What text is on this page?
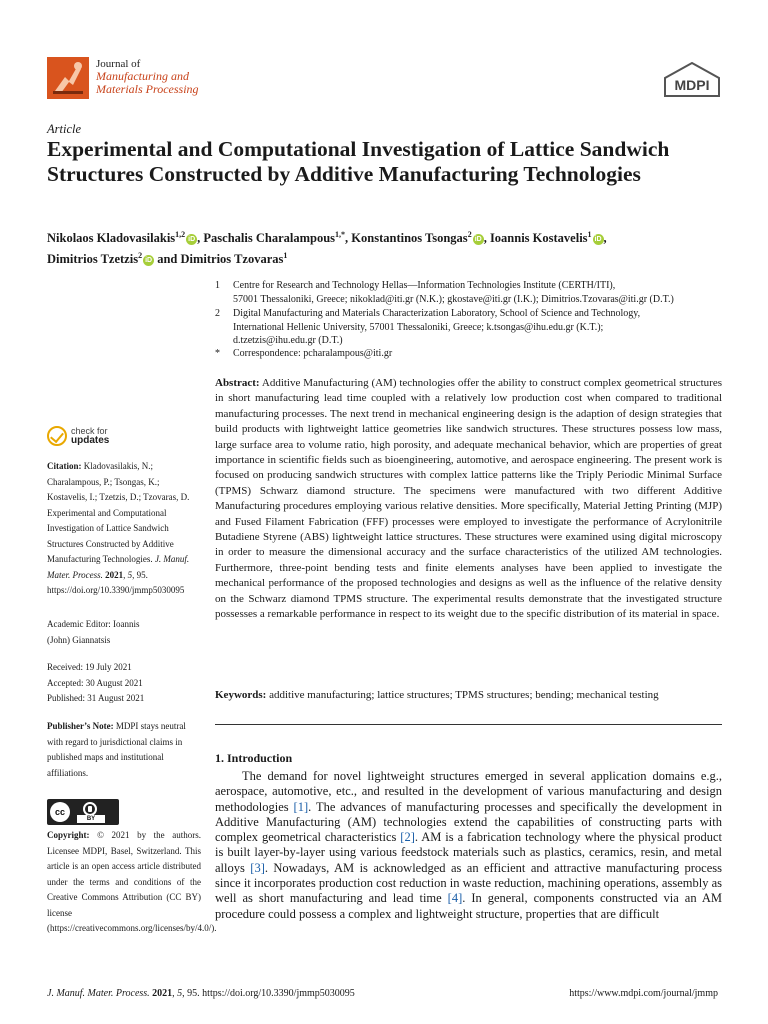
Journal of
Manufacturing and
Materials Processing	MDPI
Article
Experimental and Computational Investigation of Lattice Sandwich Structures Constructed by Additive Manufacturing Technologies
Nikolaos Kladovasilakis$^{1,2}$iD , Paschalis Charalampous$^{1,*}$, Konstantinos Tsongas$^2$iD , Ioannis Kostavelis$^1$iD ,
Dimitrios Tzetzis$^2$iD and Dimitrios Tzovaras$^1$
1 Centre for Research and Technology Hellas—Information Technologies Institute (CERTH/ITI),
57001 Thessaloniki, Greece; nikoklad@iti.gr (N.K.); gkostave@iti.gr (I.K.); Dimitrios.Tzovaras@iti.gr (D.T.)
2 Digital Manufacturing and Materials Characterization Laboratory, School of Science and Technology,
International Hellenic University, 57001 Thessaloniki, Greece; k.tsongas@ihu.edu.gr (K.T.);
d.tzetzis@ihu.edu.gr (D.T.)
* Correspondence: pcharalampous@iti.gr
Abstract: Additive Manufacturing (AM) technologies offer the ability to construct complex geometrical structures in short manufacturing lead time coupled with a relatively low production cost when compared to traditional manufacturing processes. The next trend in mechanical engineering design is the adaption of design strategies that build products with lightweight lattice geometries like sandwich structures. These structures possess low mass, large surface area to volume ratio, high porosity, and adequate mechanical behavior, which are properties of great importance in scientific fields such as bioengineering, automotive, and aerospace engineering. The present work is focused on producing sandwich structures with complex lattice patterns like the Triply Periodic Minimal Surface (TPMS) Schwarz diamond structure. The specimens were manufactured with two different Additive Manufacturing procedures employing various relative densities. More specifically, Material Jetting Printing (MJP) and Fused Filament Fabrication (FFF) processes were employed to investigate the performance of Acrylonitrile Butadiene Styrene (ABS) lightweight lattice structures. These structures were examined using digital microscopy in order to measure the dimensional accuracy and the surface characteristics of the utilized AM technologies. Furthermore, three-point bending tests and finite elements analyses have been applied to investigate the mechanical performance of the proposed technologies and designs as well as the influence of the relative density on the Schwarz diamond TPMS structure. The experimental results demonstrate that the investigated structure possesses a remarkable performance in respect to its weight due to the specific distribution of its material in space.
Keywords: additive manufacturing; lattice structures; TPMS structures; bending; mechanical testing
1. Introduction
The demand for novel lightweight structures emerged in several application domains e.g., aerospace, automotive, etc., and resulted in the development of various manufacturing and design methodologies [1]. The advances of manufacturing processes and specifically the development in Additive Manufacturing (AM) technologies extend the capabilities of constructing parts with complex geometrical characteristics [2]. AM is a fabrication technology where the physical product is built layer-by-layer using various feedstock materials such as plastics, ceramics, resin, and metal alloys [3]. Nowadays, AM is acknowledged as an efficient and attractive manufacturing process since it incorporates production cost reduction in waste reduction, machining operations, assembly as well as short manufacturing and lead time [4]. In general, components constructed via an AM procedure could possess a complex and lightweight structure, properties that are difficult
check for
updates
Citation: Kladovasilakis, N.; Charalampous, P.; Tsongas, K.; Kostavelis, I.; Tzetzis, D.; Tzovaras, D. Experimental and Computational Investigation of Lattice Sandwich Structures Constructed by Additive Manufacturing Technologies. J. Manuf. Mater. Process. 2021, 5, 95. https://doi.org/10.3390/jmmp5030095
Academic Editor: Ioannis (John) Giannatsis
Received: 19 July 2021
Accepted: 30 August 2021
Published: 31 August 2021
Publisher’s Note: MDPI stays neutral with regard to jurisdictional claims in published maps and institutional affiliations.
cc
BY
Copyright: © 2021 by the authors. Licensee MDPI, Basel, Switzerland. This article is an open access article distributed under the terms and conditions of the Creative Commons Attribution (CC BY) license (https://creativecommons.org/licenses/by/4.0/).
J. Manuf. Mater. Process. 2021, 5, 95. https://doi.org/10.3390/jmmp5030095	https://www.mdpi.com/journal/jmmp
